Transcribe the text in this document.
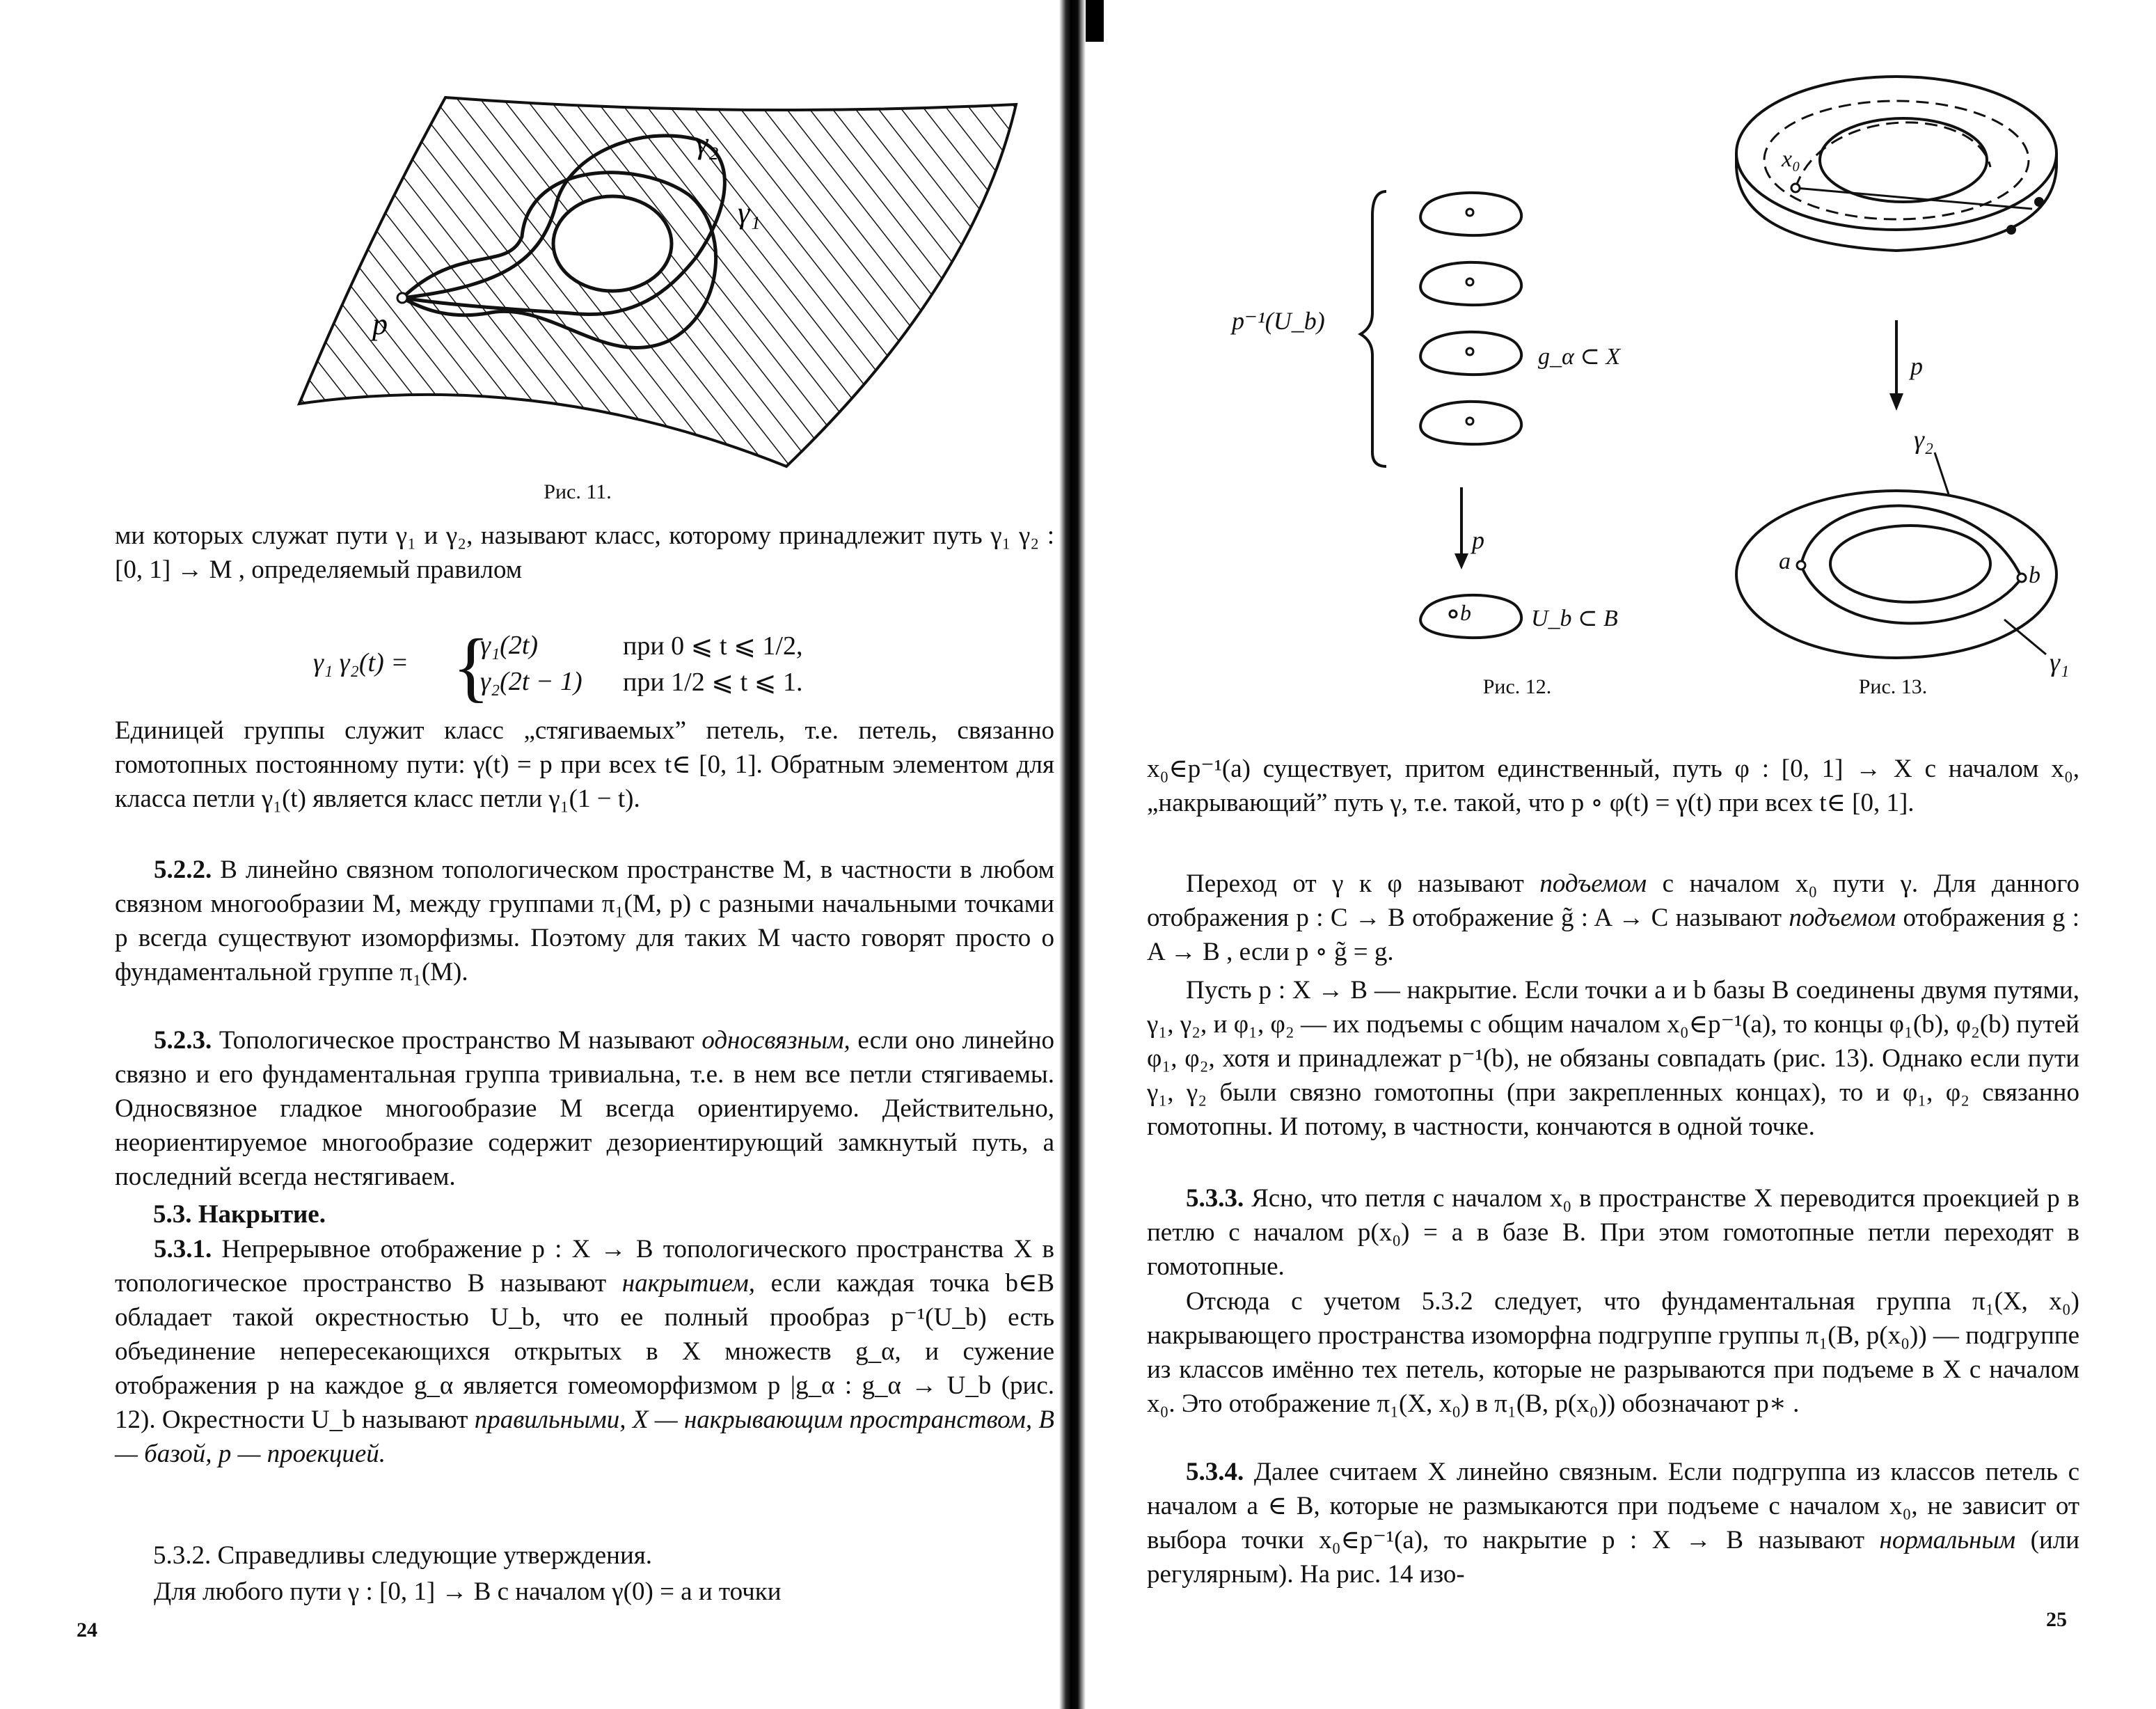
γ₂
γ₁
p
Рис. 11.

ми которых служат пути γ₁ и γ₂, называют класс, которому принадлежит путь γ₁ γ₂ : [0, 1] → M , определяемый правилом

γ₁ γ₂(t) = {
γ₁(2t)	при 0 ⩽ t ⩽ 1/2,
γ₂(2t − 1) при 1/2 ⩽ t ⩽ 1.

Единицей группы служит класс „стягиваемых” петель, т.е. петель, связанно гомотопных постоянному пути: γ(t) = p при всех t∈ [0, 1]. Обратным элементом для класса петли γ₁(t) является класс петли γ₁(1 − t).

5.2.2. В линейно связном топологическом пространстве M, в частности в любом связном многообразии M, между группами π₁(M, p) с разными начальными точками p всегда существуют изоморфизмы. Поэтому для таких M часто говорят просто о фундаментальной группе π₁(M).

5.2.3. Топологическое пространство M называют односвязным, если оно линейно связно и его фундаментальная группа тривиальна, т.е. в нем все петли стягиваемы. Односвязное гладкое многообразие M всегда ориентируемо. Действительно, неориентируемое многообразие содержит дезориентирующий замкнутый путь, а последний всегда нестягиваем.

5.3. Накрытие.

5.3.1. Непрерывное отображение p : X → B топологического пространства X в топологическое пространство B называют накрытием, если каждая точка b∈B обладает такой окрестностью U_b, что ее полный прообраз p⁻¹(U_b) есть объединение непересекающихся открытых в X множеств g_α, и сужение отображения p на каждое g_α является гомеоморфизмом p |g_α : g_α → U_b (рис. 12). Окрестности U_b называют правильными, X — накрывающим пространством, B — базой, p — проекцией.

5.3.2. Справедливы следующие утверждения.

Для любого пути γ : [0, 1] → B с началом γ(0) = a и точки

24
p⁻¹(U_b)
g_α ⊂ X
p
b	U_b ⊂ B
Рис. 12.
x₀
p
γ₂
a
b
γ₁
Рис. 13.

x₀∈p⁻¹(a) существует, притом единственный, путь φ : [0, 1] → X с началом x₀, „накрывающий” путь γ, т.е. такой, что p ∘ φ(t) = γ(t) при всех t∈ [0, 1].

Переход от γ к φ называют подъемом с началом x₀ пути γ. Для данного отображения p : C → B отображение g̃ : A → C называют подъемом отображения g : A → B , если p ∘ g̃ = g.

Пусть p : X → B — накрытие. Если точки a и b базы B соединены двумя путями, γ₁, γ₂, и φ₁, φ₂ — их подъемы с общим началом x₀∈p⁻¹(a), то концы φ₁(b), φ₂(b) путей φ₁, φ₂, хотя и принадлежат p⁻¹(b), не обязаны совпадать (рис. 13). Однако если пути γ₁, γ₂ были связно гомотопны (при закрепленных концах), то и φ₁, φ₂ связанно гомотопны. И потому, в частности, кончаются в одной точке.

5.3.3. Ясно, что петля с началом x₀ в пространстве X переводится проекцией p в петлю с началом p(x₀) = a в базе B. При этом гомотопные петли переходят в гомотопные.

Отсюда с учетом 5.3.2 следует, что фундаментальная группа π₁(X, x₀) накрывающего пространства изоморфна подгруппе группы π₁(B, p(x₀)) — подгруппе из классов имённо тех петель, которые не разрываются при подъеме в X с началом x₀. Это отображение π₁(X, x₀) в π₁(B, p(x₀)) обозначают p∗ .

5.3.4. Далее считаем X линейно связным. Если подгруппа из классов петель с началом a ∈ B, которые не размыкаются при подъеме с началом x₀, не зависит от выбора точки x₀∈p⁻¹(a), то накрытие p : X → B называют нормальным (или регулярным). На рис. 14 изо-

25
